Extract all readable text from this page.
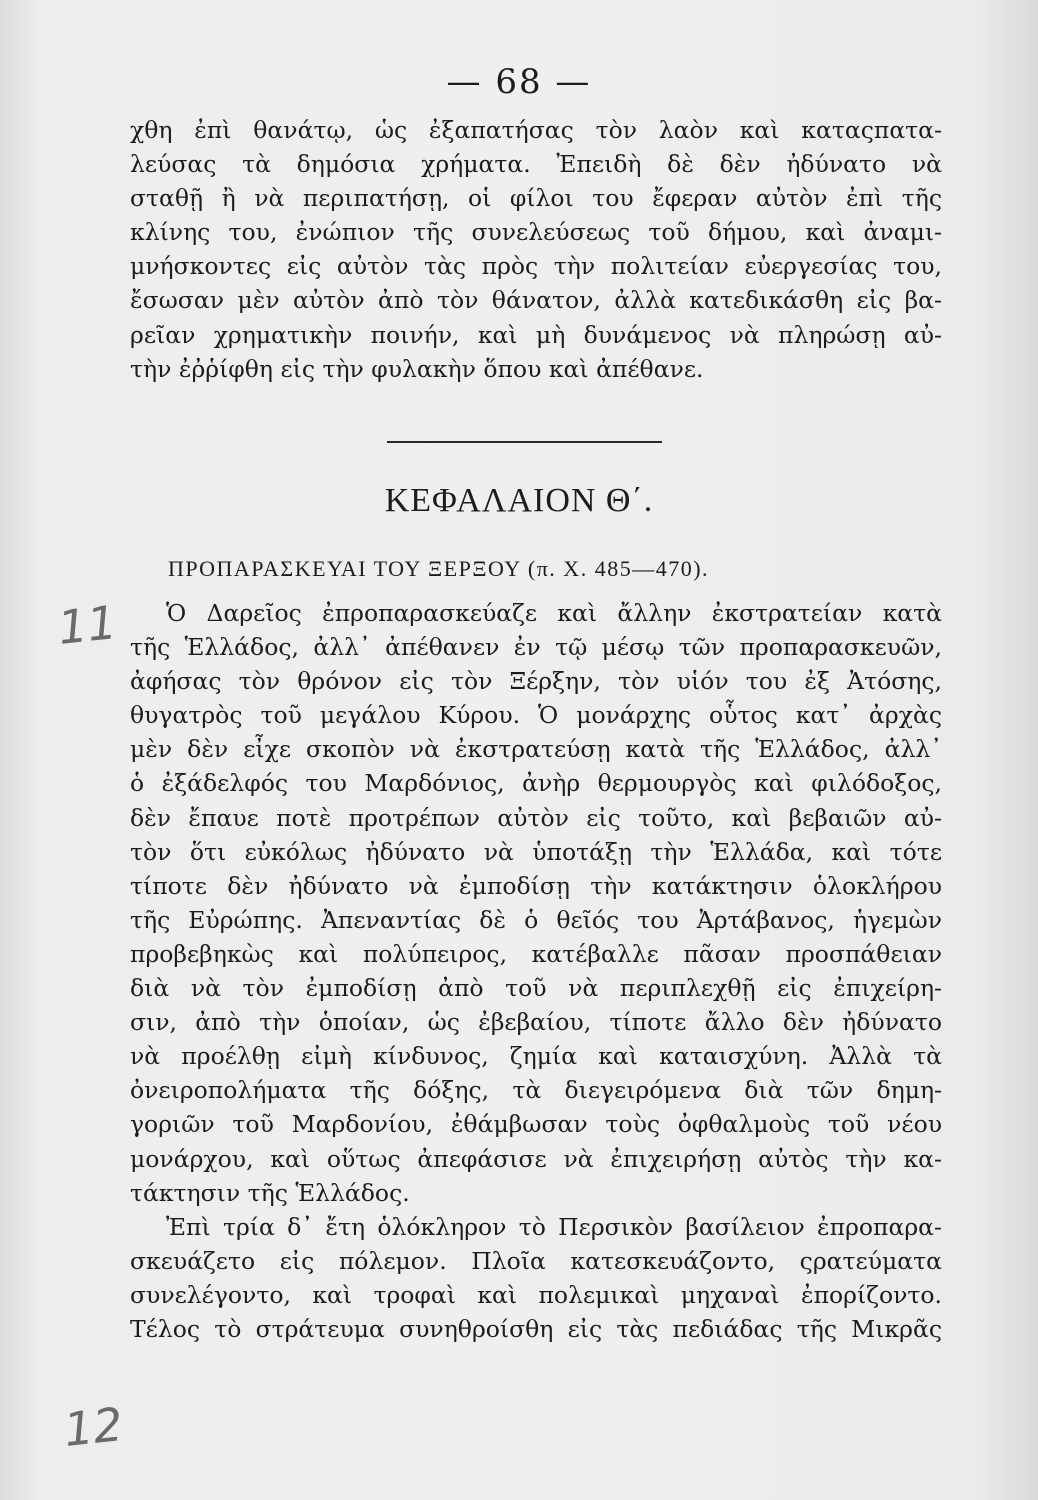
— 68 —
χθη ἐπὶ θανάτῳ, ὡς ἐξαπατήσας τὸν λαὸν καὶ καταςπατα-
λεύσας τὰ δημόσια χρήματα. Ἐπειδὴ δὲ δὲν ἠδύνατο νὰ
σταθῇ ἢ νὰ περιπατήσῃ, οἱ φίλοι του ἔφεραν αὐτὸν ἐπὶ τῆς
κλίνης του, ἐνώπιον τῆς συνελεύσεως τοῦ δήμου, καὶ ἀναμι-
μνήσκοντες εἰς αὐτὸν τὰς πρὸς τὴν πολιτείαν εὐεργεσίας του,
ἔσωσαν μὲν αὐτὸν ἀπὸ τὸν θάνατον, ἀλλὰ κατεδικάσθη εἰς βα-
ρεῖαν χρηματικὴν ποινήν, καὶ μὴ δυνάμενος νὰ πληρώσῃ αὐ-
τὴν ἐῤῥίφθη εἰς τὴν φυλακὴν ὅπου καὶ ἀπέθανε.
ΚΕΦΑΛΑΙΟΝ Θ΄.
ΠΡΟΠΑΡΑΣΚΕΥΑΙ ΤΟΥ ΞΕΡΞΟΥ (π. Χ. 485—470).
Ὁ Δαρεῖος ἐπροπαρασκεύαζε καὶ ἄλλην ἐκστρατείαν κατὰ
τῆς Ἑλλάδος, ἀλλ᾽ ἀπέθανεν ἐν τῷ μέσῳ τῶν προπαρασκευῶν,
ἀφήσας τὸν θρόνον εἰς τὸν Ξέρξην, τὸν υἱόν του ἐξ Ἀτόσης,
θυγατρὸς τοῦ μεγάλου Κύρου. Ὁ μονάρχης οὗτος κατ᾽ ἀρχὰς
μὲν δὲν εἶχε σκοπὸν νὰ ἐκστρατεύσῃ κατὰ τῆς Ἑλλάδος, ἀλλ᾽
ὁ ἐξάδελφός του Μαρδόνιος, ἀνὴρ θερμουργὸς καὶ φιλόδοξος,
δὲν ἔπαυε ποτὲ προτρέπων αὐτὸν εἰς τοῦτο, καὶ βεβαιῶν αὐ-
τὸν ὅτι εὐκόλως ἠδύνατο νὰ ὑποτάξῃ τὴν Ἑλλάδα, καὶ τότε
τίποτε δὲν ἠδύνατο νὰ ἐμποδίσῃ τὴν κατάκτησιν ὁλοκλήρου
τῆς Εὐρώπης. Ἀπεναντίας δὲ ὁ θεῖός του Ἀρτάβανος, ἡγεμὼν
προβεβηκὼς καὶ πολύπειρος, κατέβαλλε πᾶσαν προσπάθειαν
διὰ νὰ τὸν ἐμποδίσῃ ἀπὸ τοῦ νὰ περιπλεχθῇ εἰς ἐπιχείρη-
σιν, ἀπὸ τὴν ὁποίαν, ὡς ἐβεβαίου, τίποτε ἄλλο δὲν ἠδύνατο
νὰ προέλθῃ εἰμὴ κίνδυνος, ζημία καὶ καταισχύνη. Ἀλλὰ τὰ
ὀνειροπολήματα τῆς δόξης, τὰ διεγειρόμενα διὰ τῶν δημη-
γοριῶν τοῦ Μαρδονίου, ἐθάμβωσαν τοὺς ὀφθαλμοὺς τοῦ νέου
μονάρχου, καὶ οὕτως ἀπεφάσισε νὰ ἐπιχειρήσῃ αὐτὸς τὴν κα-
τάκτησιν τῆς Ἑλλάδος.
Ἐπὶ τρία δ᾽ ἔτη ὁλόκληρον τὸ Περσικὸν βασίλειον ἐπροπαρα-
σκευάζετο εἰς πόλεμον. Πλοῖα κατεσκευάζοντο, ςρατεύματα
συνελέγοντο, καὶ τροφαὶ καὶ πολεμικαὶ μηχαναὶ ἐπορίζοντο.
Τέλος τὸ στράτευμα συνηθροίσθη εἰς τὰς πεδιάδας τῆς Μικρᾶς
11
12
